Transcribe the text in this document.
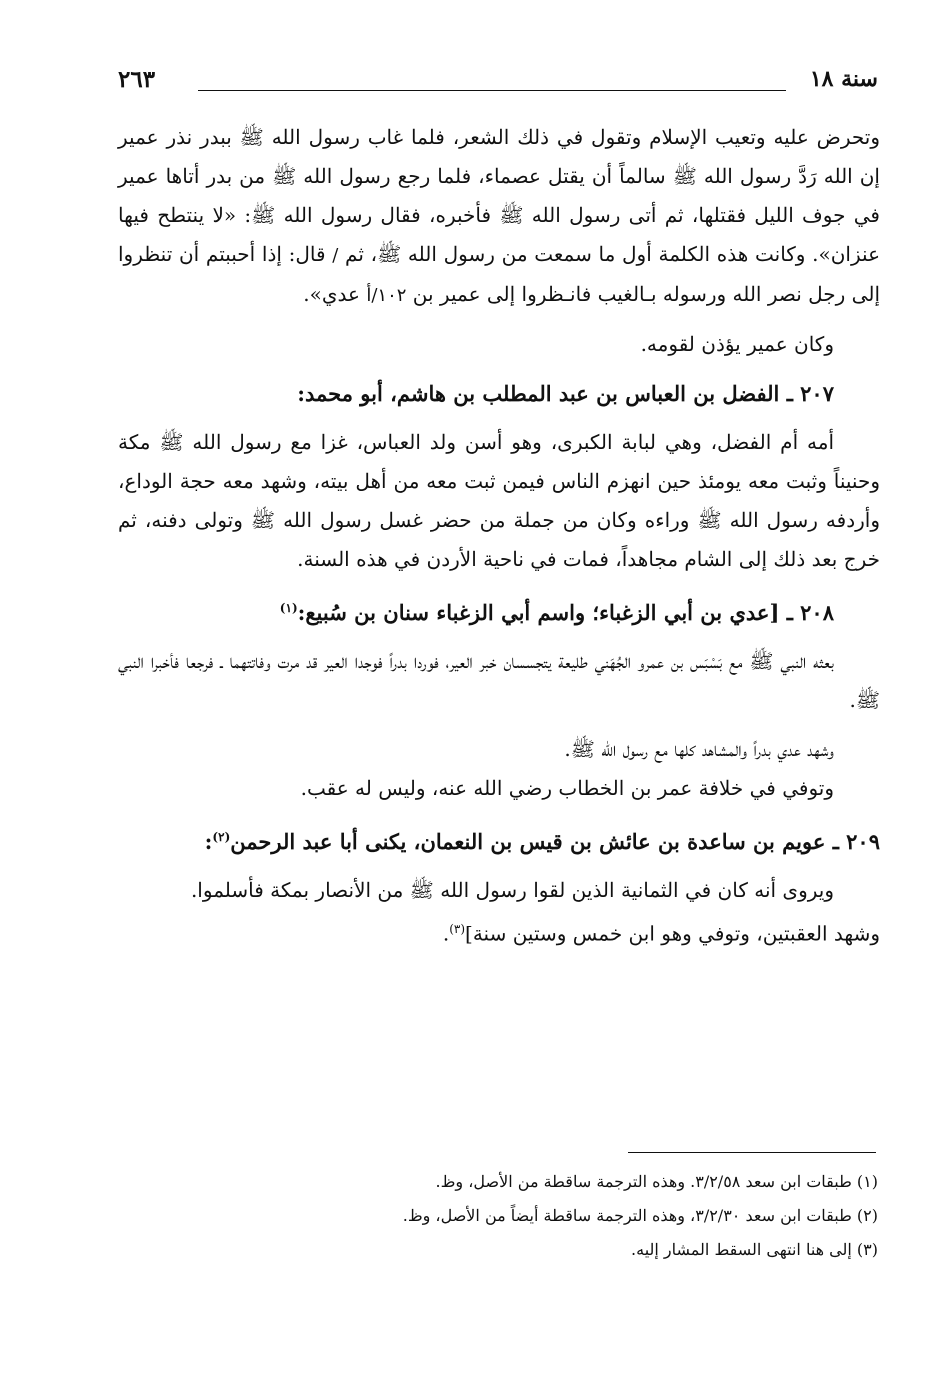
سنة ١٨
٢٦٣

وتحرض عليه وتعيب الإسلام وتقول في ذلك الشعر، فلما غاب رسول الله ﷺ ببدر نذر عمير إن الله رَدَّ رسول الله ﷺ سالماً أن يقتل عصماء، فلما رجع رسول الله ﷺ من بدر أتاها عمير في جوف الليل فقتلها، ثم أتى رسول الله ﷺ فأخبره، فقال رسول الله ﷺ: «لا ينتطح فيها عنزان». وكانت هذه الكلمة أول ما سمعت من رسول الله ﷺ، ثم / قال: إذا أحببتم أن تنظروا إلى رجل نصر الله ورسوله بـالغيب فانـظروا إلى عمير بن ١٠٢/أ عدي».

وكان عمير يؤذن لقومه.

٢٠٧ ـ الفضل بن العباس بن عبد المطلب بن هاشم، أبو محمد:

أمه أم الفضل، وهي لبابة الكبرى، وهو أسن ولد العباس، غزا مع رسول الله ﷺ مكة وحنيناً وثبت معه يومئذ حين انهزم الناس فيمن ثبت معه من أهل بيته، وشهد معه حجة الوداع، وأردفه رسول الله ﷺ وراءه وكان من جملة من حضر غسل رسول الله ﷺ وتولى دفنه، ثم خرج بعد ذلك إلى الشام مجاهداً، فمات في ناحية الأردن في هذه السنة.

٢٠٨ ـ [عدي بن أبي الزغباء؛ واسم أبي الزغباء سنان بن سُبيع:$^{(١)}$

بعثه النبي ﷺ مع بَسْبَس بن عمرو الجُهَني طليعة يتجسسان خبر العير، فوردا بدراً فوجدا العير قد مرت وفاتتهما ـ فرجعا فأخبرا النبي ﷺ.

وشهد عدي بدراً والمشاهد كلها مع رسول الله ﷺ.

وتوفي في خلافة عمر بن الخطاب رضي الله عنه، وليس له عقب.

٢٠٩ ـ عويم بن ساعدة بن عائش بن قيس بن النعمان، يكنى أبا عبد الرحمن$^{(٢)}$:

ويروى أنه كان في الثمانية الذين لقوا رسول الله ﷺ من الأنصار بمكة فأسلموا.

وشهد العقبتين، وتوفي وهو ابن خمس وستين سنة]$^{(٣)}$.

(١) طبقات ابن سعد ٣/٢/٥٨. وهذه الترجمة ساقطة من الأصل، وظ.

(٢) طبقات ابن سعد ٣/٢/٣٠، وهذه الترجمة ساقطة أيضاً من الأصل، وظ.

(٣) إلى هنا انتهى السقط المشار إليه.
